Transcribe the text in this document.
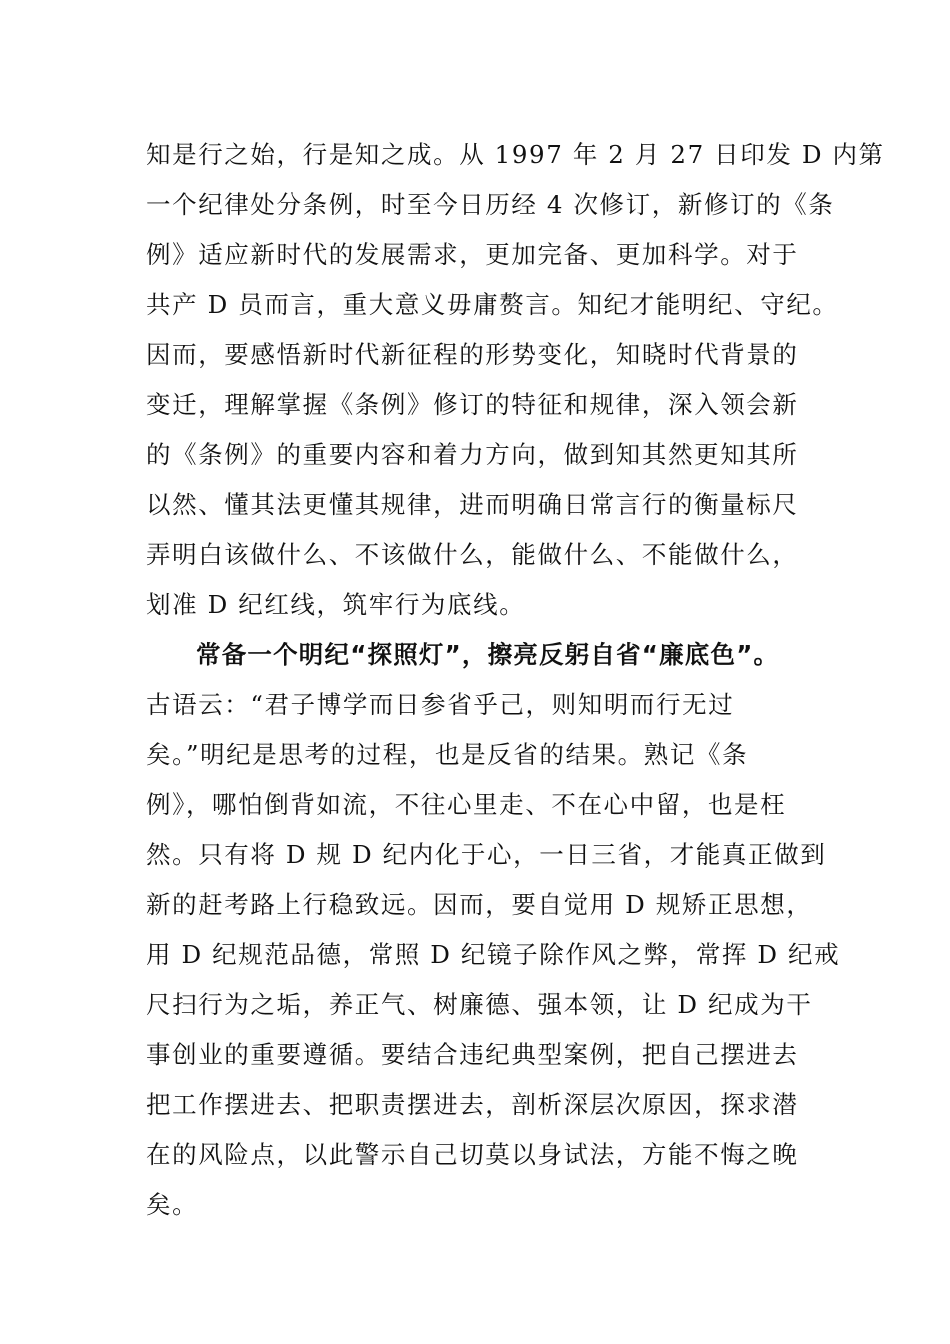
知是行之始，行是知之成。从 1997 年 2 月 27 日印发 D 内第
一个纪律处分条例，时至今日历经 4 次修订，新修订的《条
例》适应新时代的发展需求，更加完备、更加科学。对于
共产 D 员而言，重大意义毋庸赘言。知纪才能明纪、守纪。
因而，要感悟新时代新征程的形势变化，知晓时代背景的
变迁，理解掌握《条例》修订的特征和规律，深入领会新
的《条例》的重要内容和着力方向，做到知其然更知其所
以然、懂其法更懂其规律，进而明确日常言行的衡量标尺
弄明白该做什么、不该做什么，能做什么、不能做什么，
划准 D 纪红线，筑牢行为底线。
常备一个明纪“探照灯”，擦亮反躬自省“廉底色”。
古语云：“君子博学而日参省乎己，则知明而行无过
矣。”明纪是思考的过程，也是反省的结果。熟记《条
例》，哪怕倒背如流，不往心里走、不在心中留，也是枉
然。只有将 D 规 D 纪内化于心，一日三省，才能真正做到
新的赶考路上行稳致远。因而，要自觉用 D 规矫正思想，
用 D 纪规范品德，常照 D 纪镜子除作风之弊，常挥 D 纪戒
尺扫行为之垢，养正气、树廉德、强本领，让 D 纪成为干
事创业的重要遵循。要结合违纪典型案例，把自己摆进去
把工作摆进去、把职责摆进去，剖析深层次原因，探求潜
在的风险点，以此警示自己切莫以身试法，方能不悔之晚
矣。
